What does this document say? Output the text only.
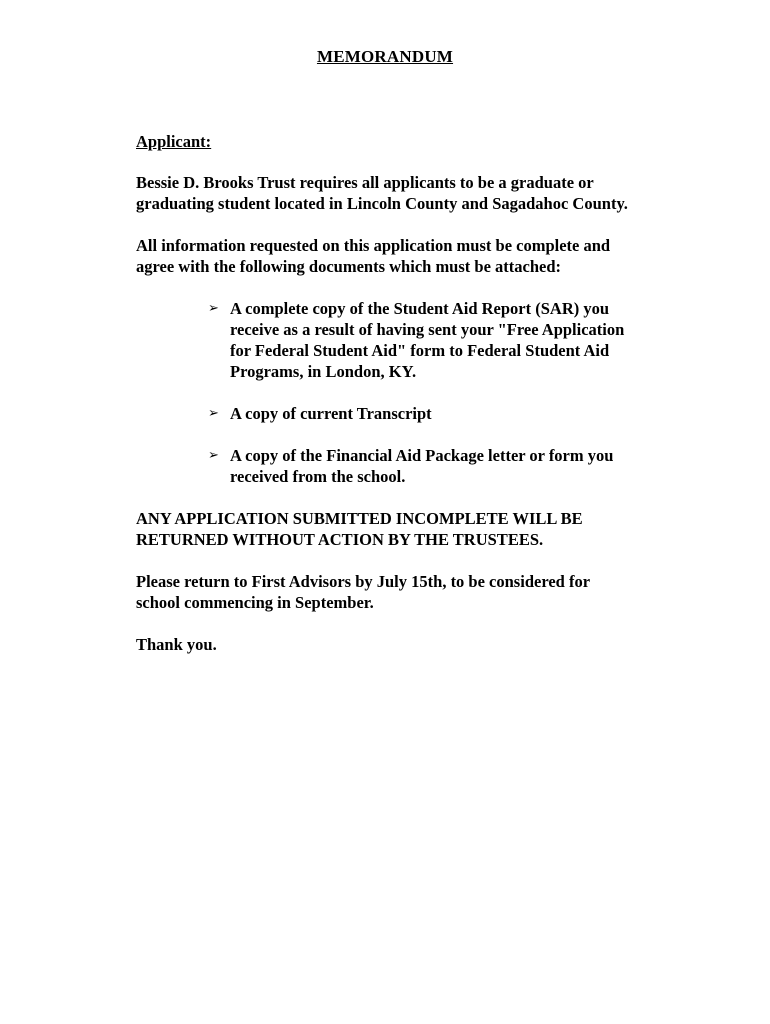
MEMORANDUM
Applicant:

Bessie D. Brooks Trust requires all applicants to be a graduate or graduating student located in Lincoln County and Sagadahoc County.

All information requested on this application must be complete and agree with the following documents which must be attached:

➢ A complete copy of the Student Aid Report (SAR) you receive as a result of having sent your "Free Application for Federal Student Aid" form to Federal Student Aid Programs, in London, KY.
➢ A copy of current Transcript
➢ A copy of the Financial Aid Package letter or form you received from the school.

ANY APPLICATION SUBMITTED INCOMPLETE WILL BE RETURNED WITHOUT ACTION BY THE TRUSTEES.

Please return to First Advisors by July 15th, to be considered for school commencing in September.

Thank you.
